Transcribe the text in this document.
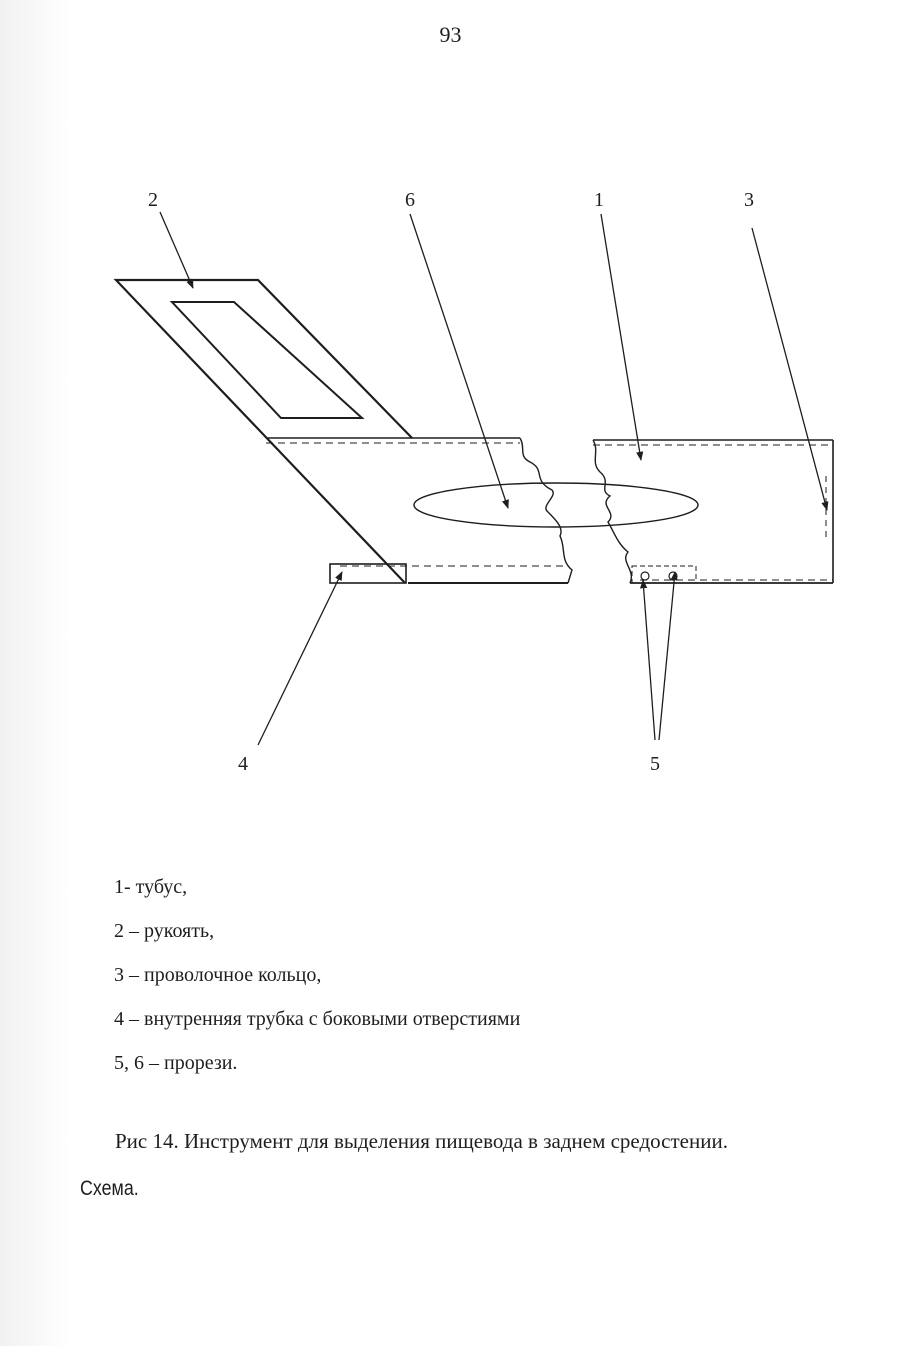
93
2	6	1	3
4	5
1- тубус,
2 – рукоять,
3 – проволочное кольцо,
4 – внутренняя трубка с боковыми отверстиями
5, 6 – прорези.
Рис 14. Инструмент для выделения пищевода в заднем средостении.
Схема.
